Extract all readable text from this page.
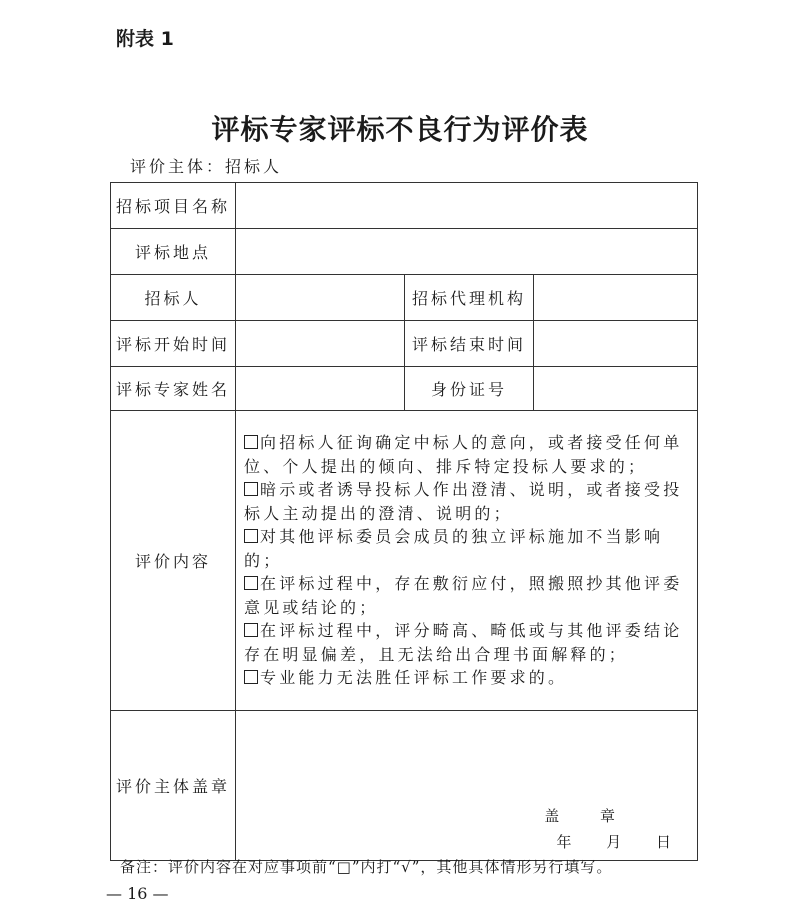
附表 1
评标专家评标不良行为评价表
评价主体：招标人
招标项目名称			
评标地点			
招标人		招标代理机构	
评标开始时间		评标结束时间	
评标专家姓名		身份证号	
评价内容	
向招标人征询确定中标人的意向，或者接受任何单位、个人提出的倾向、排斥特定投标人要求的；
暗示或者诱导投标人作出澄清、说明，或者接受投标人主动提出的澄清、说明的；
对其他评标委员会成员的独立评标施加不当影响的；
在评标过程中，存在敷衍应付，照搬照抄其他评委意见或结论的；
在评标过程中，评分畸高、畸低或与其他评委结论存在明显偏差，且无法给出合理书面解释的；
专业能力无法胜任评标工作要求的。

评价主体盖章	盖 章
年 月 日		
备注：评价内容在对应事项前“□”内打“√”，其他具体情形另行填写。
— 16 —
